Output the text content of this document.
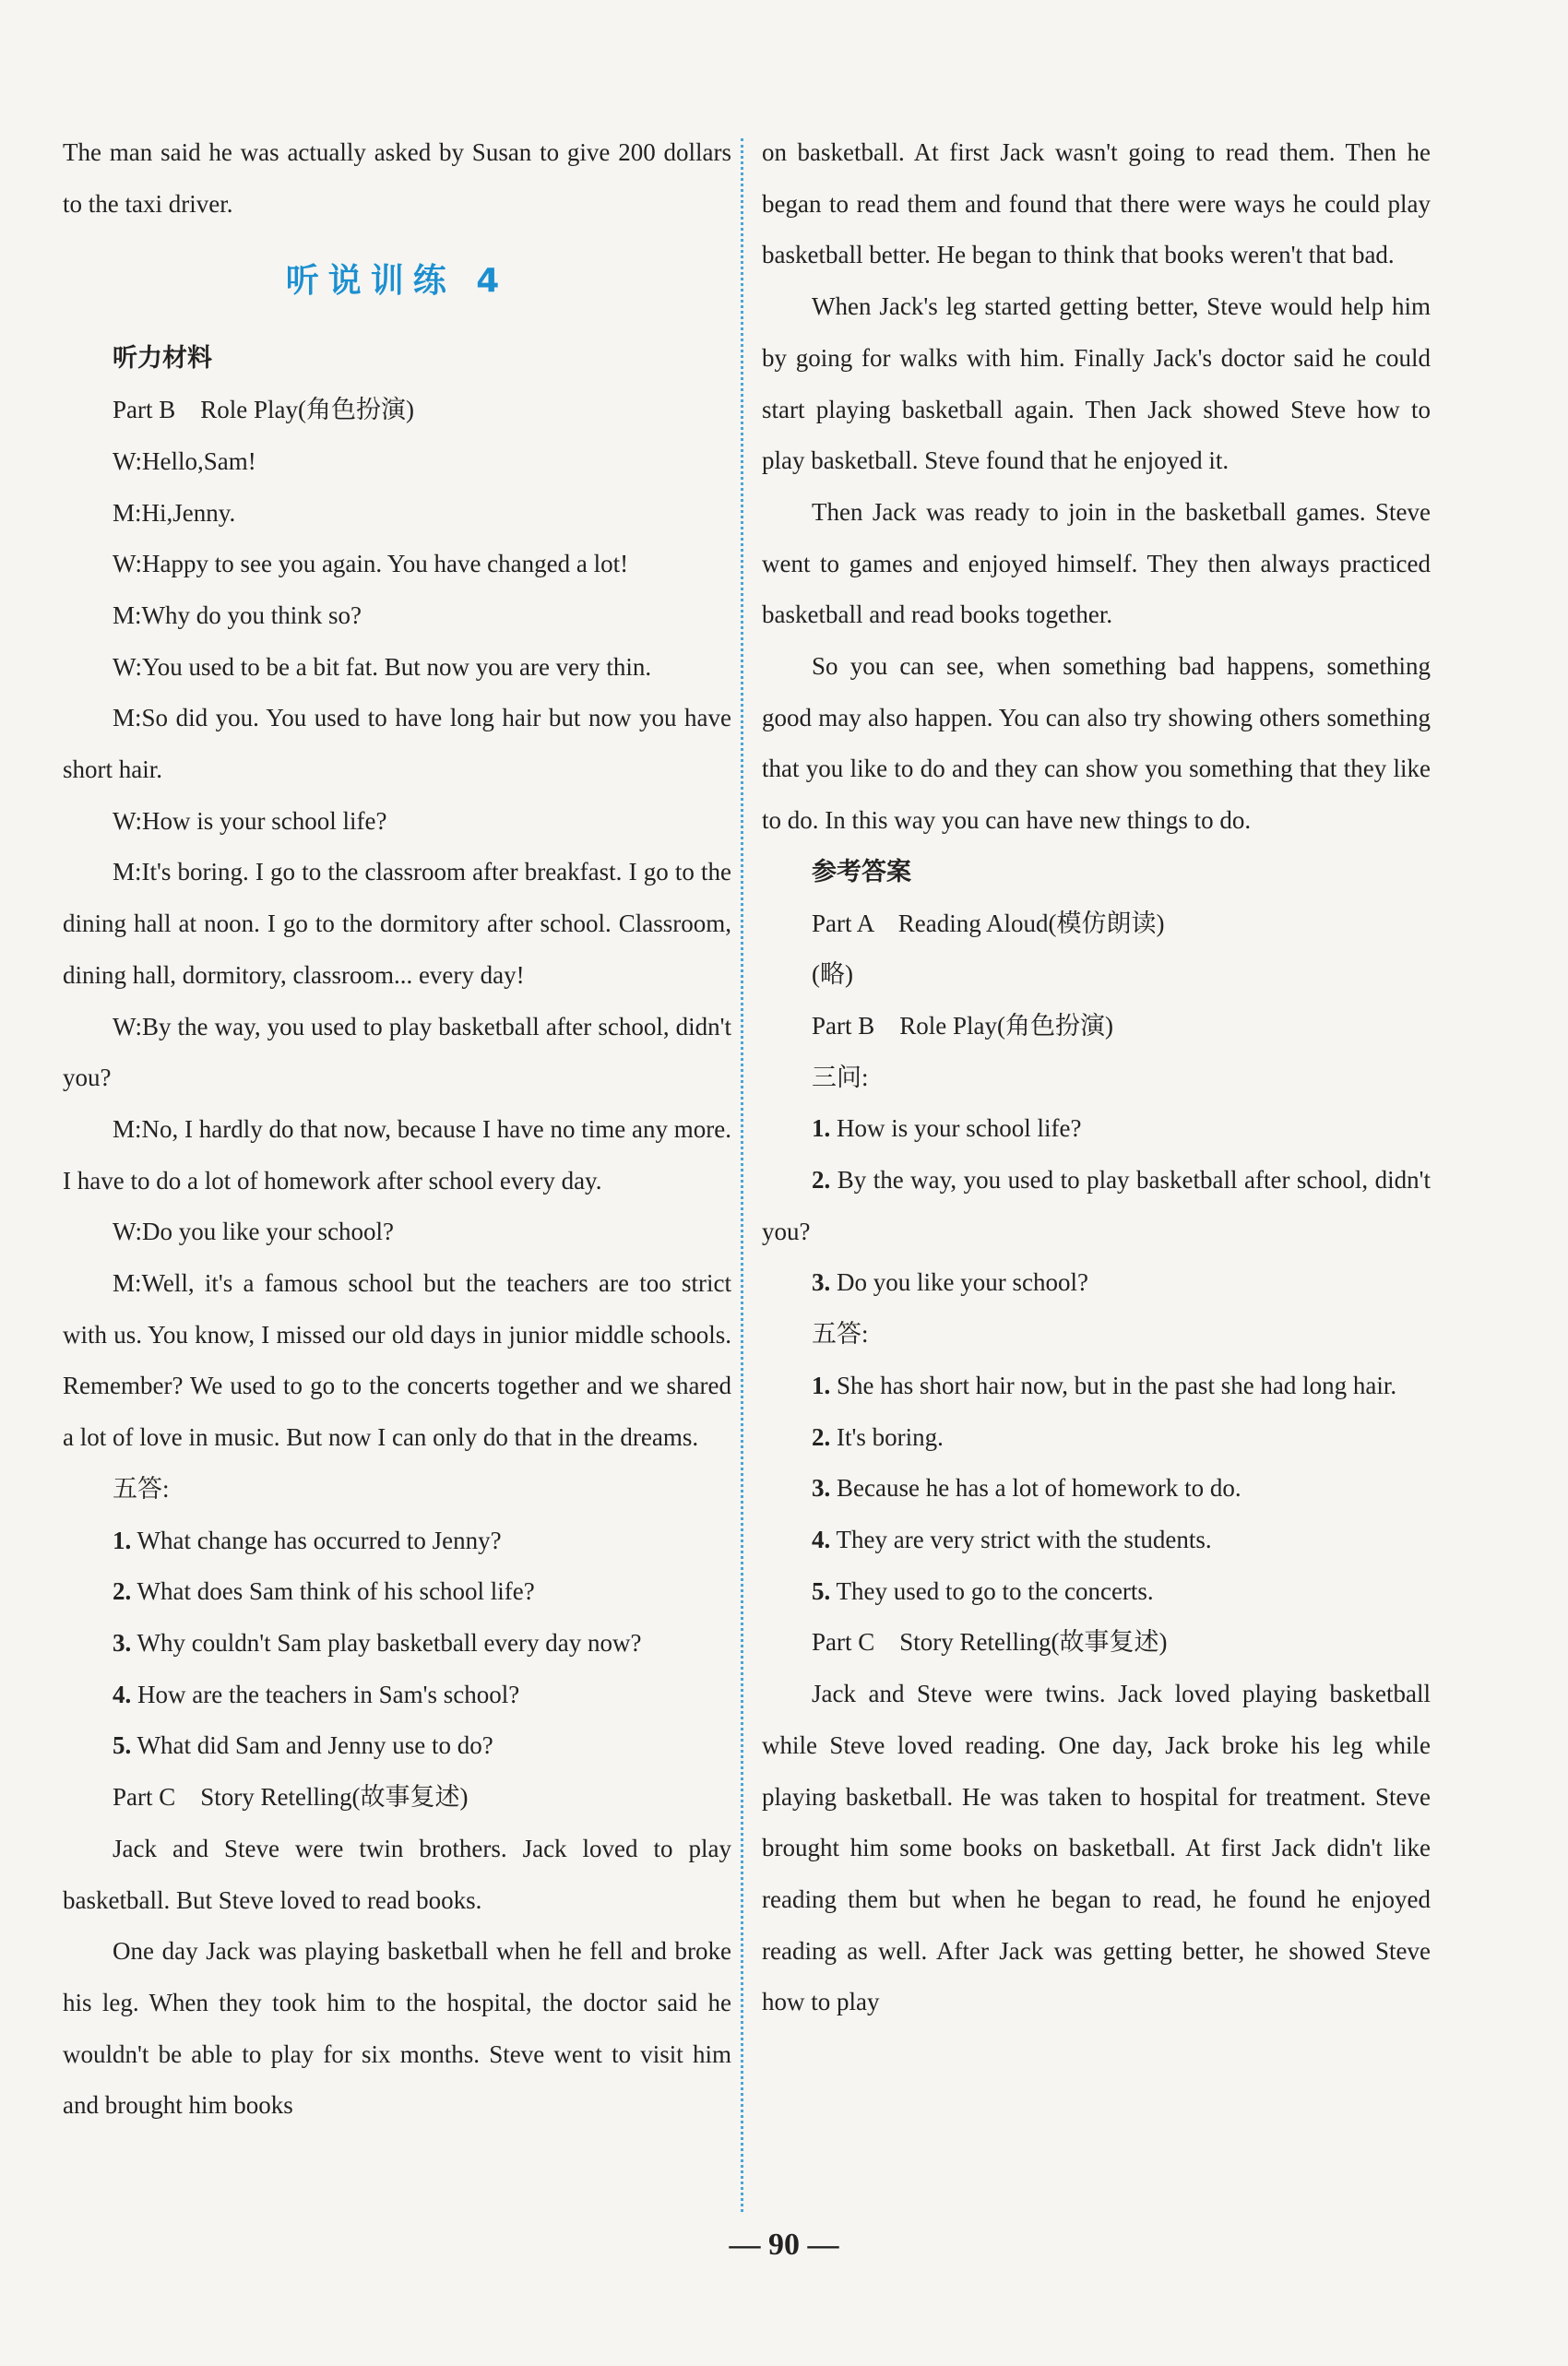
The man said he was actually asked by Susan to give 200 dollars to the taxi driver.

听说训练 4

听力材料

Part B　Role Play(角色扮演)

W:Hello,Sam!

M:Hi,Jenny.

W:Happy to see you again. You have changed a lot!

M:Why do you think so?

W:You used to be a bit fat. But now you are very thin.

M:So did you. You used to have long hair but now you have short hair.

W:How is your school life?

M:It's boring. I go to the classroom after breakfast. I go to the dining hall at noon. I go to the dormitory after school. Classroom, dining hall, dormitory, classroom... every day!

W:By the way, you used to play basketball after school, didn't you?

M:No, I hardly do that now, because I have no time any more. I have to do a lot of homework after school every day.

W:Do you like your school?

M:Well, it's a famous school but the teachers are too strict with us. You know, I missed our old days in junior middle schools. Remember? We used to go to the concerts together and we shared a lot of love in music. But now I can only do that in the dreams.

五答:

1. What change has occurred to Jenny?

2. What does Sam think of his school life?

3. Why couldn't Sam play basketball every day now?

4. How are the teachers in Sam's school?

5. What did Sam and Jenny use to do?

Part C　Story Retelling(故事复述)

Jack and Steve were twin brothers. Jack loved to play basketball. But Steve loved to read books.

One day Jack was playing basketball when he fell and broke his leg. When they took him to the hospital, the doctor said he wouldn't be able to play for six months. Steve went to visit him and brought him books

on basketball. At first Jack wasn't going to read them. Then he began to read them and found that there were ways he could play basketball better. He began to think that books weren't that bad.

When Jack's leg started getting better, Steve would help him by going for walks with him. Finally Jack's doctor said he could start playing basketball again. Then Jack showed Steve how to play basketball. Steve found that he enjoyed it.

Then Jack was ready to join in the basketball games. Steve went to games and enjoyed himself. They then always practiced basketball and read books together.

So you can see, when something bad happens, something good may also happen. You can also try showing others something that you like to do and they can show you something that they like to do. In this way you can have new things to do.

参考答案

Part A　Reading Aloud(模仿朗读)

(略)

Part B　Role Play(角色扮演)

三问:

1. How is your school life?

2. By the way, you used to play basketball after school, didn't you?

3. Do you like your school?

五答:

1. She has short hair now, but in the past she had long hair.

2. It's boring.

3. Because he has a lot of homework to do.

4. They are very strict with the students.

5. They used to go to the concerts.

Part C　Story Retelling(故事复述)

Jack and Steve were twins. Jack loved playing basketball while Steve loved reading. One day, Jack broke his leg while playing basketball. He was taken to hospital for treatment. Steve brought him some books on basketball. At first Jack didn't like reading them but when he began to read, he found he enjoyed reading as well. After Jack was getting better, he showed Steve how to play

— 90 —
